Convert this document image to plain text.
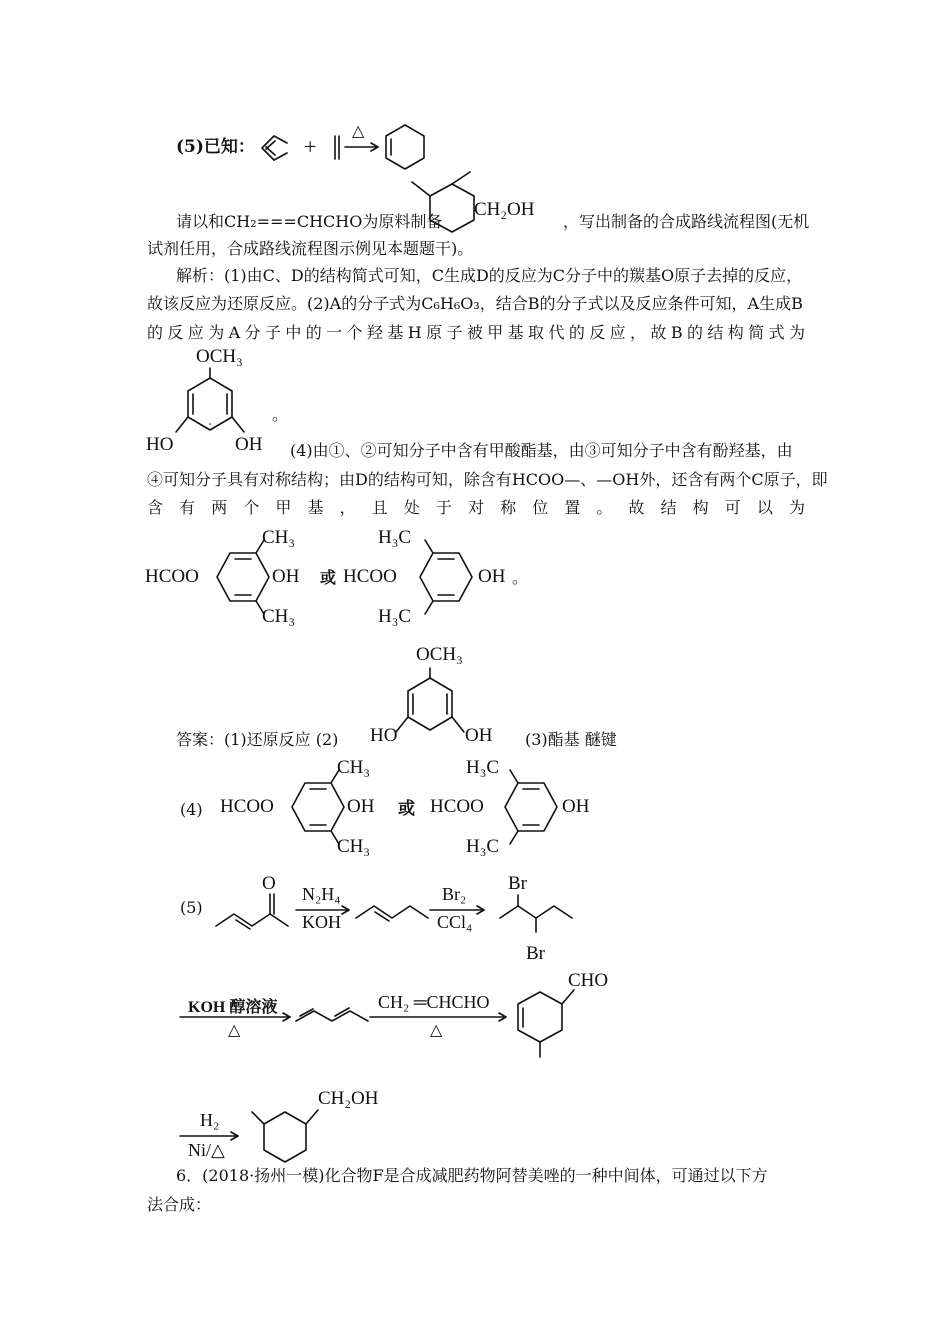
(5)已知： +
△
请以和CH₂===CHCHO为原料制备
CH₂OH
，写出制备的合成路线流程图(无机
试剂任用，合成路线流程图示例见本题题干)。
解析：(1)由C、D的结构简式可知，C生成D的反应为C分子中的羰基O原子去掉的反应，
故该反应为还原反应。(2)A的分子式为C₆H₆O₃，结合B的分子式以及反应条件可知，A生成B
的反应为A分子中的一个羟基H原子被甲基取代的反应，故B的结构简式为
OCH₃
HO	OH
。
(4)由①、②可知分子中含有甲酸酯基，由③可知分子中含有酚羟基，由
④可知分子具有对称结构；由D的结构可知，除含有HCOO—、—OH外，还含有两个C原子，即
含有两个甲基，且处于对称位置。故结构可以为
HCOO	OH
CH₃
CH₃
或 HCOO	OH
H₃C
H₃C
。
答案：(1)还原反应 (2)
OCH₃
HO	OH (3)酯基 醚键
(4) HCOO	OH
CH₃
CH₃
或 HCOO	OH
H₃C
H₃C
(5)
O N₂H₄
KOH
Br₂
CCl₄
Br
Br
KOH 醇溶液
△
CH₂ ═CHCHO
△
CHO
H₂
Ni/△
CH₂OH
6．(2018·扬州一模)化合物F是合成减肥药物阿替美唑的一种中间体，可通过以下方
法合成：
